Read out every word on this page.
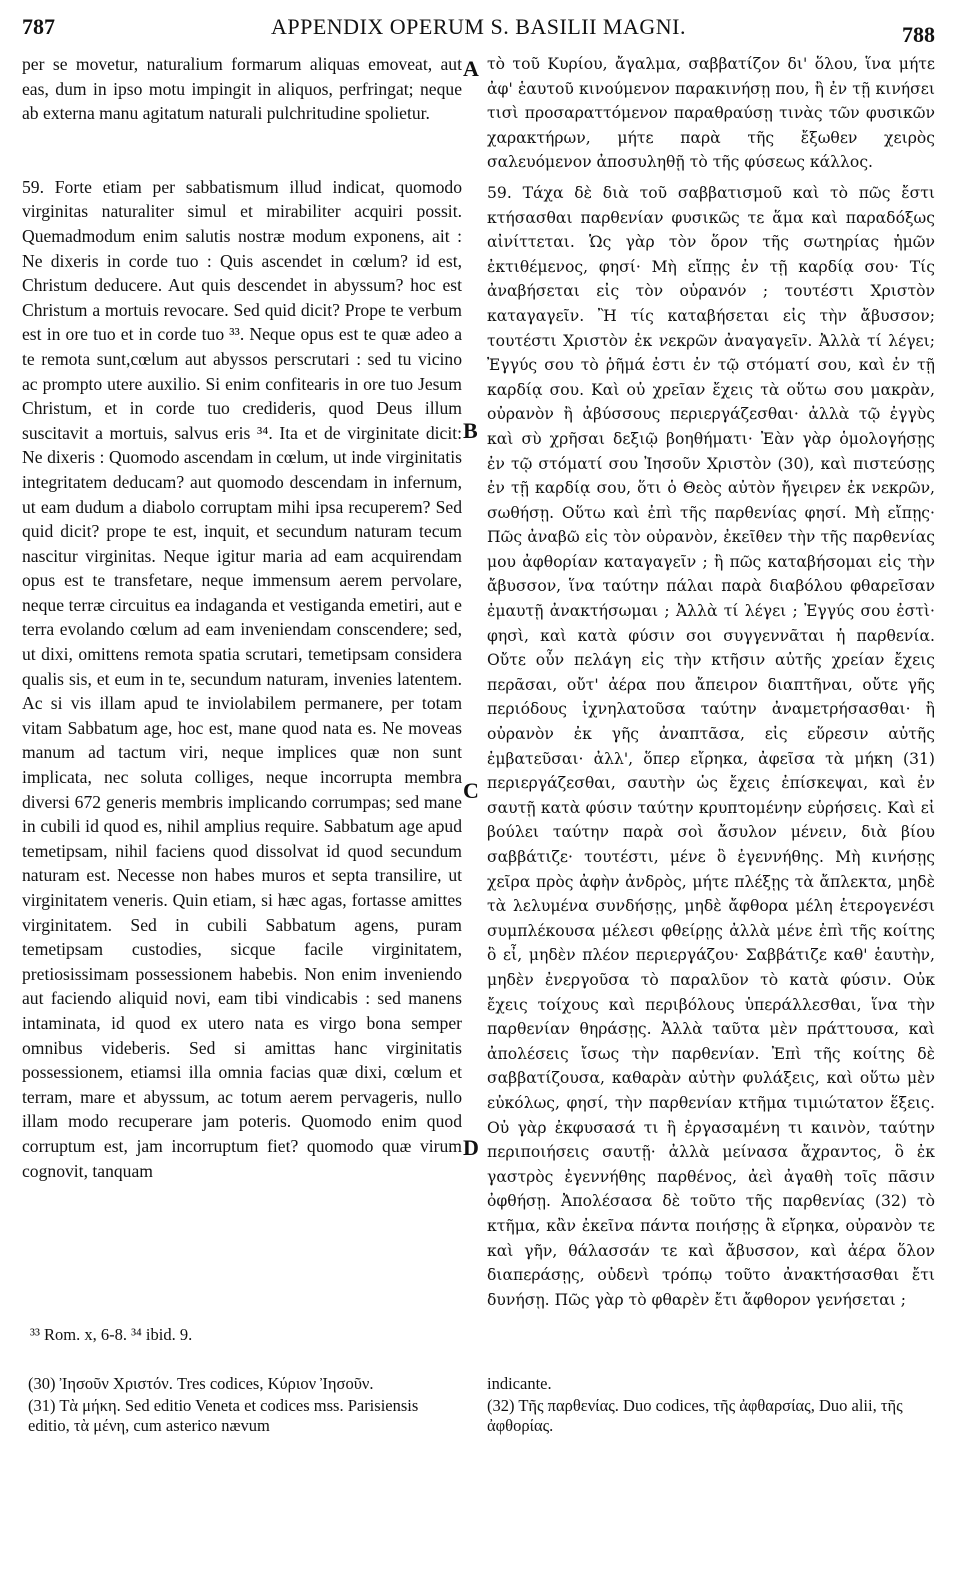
787	APPENDIX OPERUM S. BASILII MAGNI.	788

per se movetur, naturalium formarum aliquas emoveat, aut eas, dum in ipso motu impingit in aliquos, perfringat; neque ab externa manu agitatum naturali pulchritudine spolietur.

59. Forte etiam per sabbatismum illud indicat, quomodo virginitas naturaliter simul et mirabiliter acquiri possit. Quemadmodum enim salutis nostræ modum exponens, ait : Ne dixeris in corde tuo : Quis ascendet in cœlum? id est, Christum deducere. Aut quis descendet in abyssum? hoc est Christum a mortuis revocare. Sed quid dicit? Prope te verbum est in ore tuo et in corde tuo ³³. Neque opus est te quæ adeo a te remota sunt,cœlum aut abyssos perscrutari : sed tu vicino ac prompto utere auxilio. Si enim confitearis in ore tuo Jesum Christum, et in corde tuo credideris, quod Deus illum suscitavit a mortuis, salvus eris ³⁴. Ita et de virginitate dicit: Ne dixeris : Quomodo ascendam in cœlum, ut inde virginitatis integritatem deducam? aut quomodo descendam in infernum, ut eam dudum a diabolo corruptam mihi ipsa recuperem? Sed quid dicit? prope te est, inquit, et secundum naturam tecum nascitur virginitas. Neque igitur maria ad eam acquirendam opus est te transfetare, neque immensum aerem pervolare, neque terræ circuitus ea indaganda et vestiganda emetiri, aut e terra evolando cœlum ad eam inveniendam conscendere; sed, ut dixi, omittens remota spatia scrutari, temetipsam considera qualis sis, et eum in te, secundum naturam, invenies latentem. Ac si vis illam apud te inviolabilem permanere, per totam vitam Sabbatum age, hoc est, mane quod nata es. Ne moveas manum ad tactum viri, neque implices quæ non sunt implicata, nec soluta colliges, neque incorrupta membra diversi 672 generis membris implicando corrumpas; sed mane in cubili id quod es, nihil amplius require. Sabbatum age apud temetipsam, nihil faciens quod dissolvat id quod secundum naturam est. Necesse non habes muros et septa transilire, ut virginitatem veneris. Quin etiam, si hæc agas, fortasse amittes virginitatem. Sed in cubili Sabbatum agens, puram temetipsam custodies, sicque facile virginitatem, pretiosissimam possessionem habebis. Non enim inveniendo aut faciendo aliquid novi, eam tibi vindicabis : sed manens intaminata, id quod ex utero nata es virgo bona semper omnibus videberis. Sed si amittas hanc virginitatis possessionem, etiamsi illa omnia facias quæ dixi, cœlum et terram, mare et abyssum, ac totum aerem pervageris, nullo illam modo recuperare jam poteris. Quomodo enim quod corruptum est, jam incorruptum fiet? quomodo quæ virum cognovit, tanquam

τὸ τοῦ Κυρίου, ἄγαλμα, σαββατίζον δι' ὅλου, ἵνα μήτε ἀφ' ἑαυτοῦ κινούμενον παρακινήσῃ που, ἢ ἐν τῇ κινήσει τισὶ προσαραττόμενον παραθραύσῃ τινὰς τῶν φυσικῶν χαρακτήρων, μήτε παρὰ τῆς ἔξωθεν χειρὸς σαλευόμενον ἀποσυληθῇ τὸ τῆς φύσεως κάλλος.

59. Τάχα δὲ διὰ τοῦ σαββατισμοῦ καὶ τὸ πῶς ἔστι κτήσασθαι παρθενίαν φυσικῶς τε ἅμα καὶ παραδόξως αἰνίττεται. Ὡς γὰρ τὸν ὅρον τῆς σωτηρίας ἡμῶν ἐκτιθέμενος, φησί· Μὴ εἴπῃς ἐν τῇ καρδίᾳ σου· Τίς ἀναβήσεται εἰς τὸν οὐρανόν ; τουτέστι Χριστὸν καταγαγεῖν. Ἢ τίς καταβήσεται εἰς τὴν ἄβυσσον; τουτέστι Χριστὸν ἐκ νεκρῶν ἀναγαγεῖν. Ἀλλὰ τί λέγει; Ἐγγύς σου τὸ ῥῆμά ἐστι ἐν τῷ στόματί σου, καὶ ἐν τῇ καρδίᾳ σου. Καὶ οὐ χρεῖαν ἔχεις τὰ οὕτω σου μακρὰν, οὐρανὸν ἢ ἀβύσσους περιεργάζεσθαι· ἀλλὰ τῷ ἐγγὺς καὶ σὺ χρῆσαι δεξιῷ βοηθήματι· Ἐὰν γὰρ ὁμολογήσῃς ἐν τῷ στόματί σου Ἰησοῦν Χριστὸν (30), καὶ πιστεύσῃς ἐν τῇ καρδίᾳ σου, ὅτι ὁ Θεὸς αὐτὸν ἤγειρεν ἐκ νεκρῶν, σωθήσῃ. Οὕτω καὶ ἐπὶ τῆς παρθενίας φησί. Μὴ εἴπῃς· Πῶς ἀναβῶ εἰς τὸν οὐρανὸν, ἐκεῖθεν τὴν τῆς παρθενίας μου ἀφθορίαν καταγαγεῖν ; ἢ πῶς καταβήσομαι εἰς τὴν ἄβυσσον, ἵνα ταύτην πάλαι παρὰ διαβόλου φθαρεῖσαν ἐμαυτῇ ἀνακτήσωμαι ; Ἀλλὰ τί λέγει ; Ἐγγύς σου ἐστὶ· φησὶ, καὶ κατὰ φύσιν σοι συγγεννᾶται ἡ παρθενία. Οὔτε οὖν πελάγη εἰς τὴν κτῆσιν αὐτῆς χρείαν ἔχεις περᾶσαι, οὔτ' ἀέρα που ἄπειρον διαπτῆναι, οὔτε γῆς περιόδους ἰχνηλατοῦσα ταύτην ἀναμετρήσασθαι· ἢ οὐρανὸν ἐκ γῆς ἀναπτᾶσα, εἰς εὕρεσιν αὐτῆς ἐμβατεῦσαι· ἀλλ', ὅπερ εἴρηκα, ἀφεῖσα τὰ μήκη (31) περιεργάζεσθαι, σαυτὴν ὡς ἔχεις ἐπίσκεψαι, καὶ ἐν σαυτῇ κατὰ φύσιν ταύτην κρυπτομένην εὑρήσεις. Καὶ εἰ βούλει ταύτην παρὰ σοὶ ἄσυλον μένειν, διὰ βίου σαββάτιζε· τουτέστι, μένε ὃ ἐγεννήθης. Μὴ κινήσῃς χεῖρα πρὸς ἀφὴν ἀνδρὸς, μήτε πλέξῃς τὰ ἄπλεκτα, μηδὲ τὰ λελυμένα συνδήσῃς, μηδὲ ἄφθορα μέλη ἑτερογενέσι συμπλέκουσα μέλεσι φθείρῃς ἀλλὰ μένε ἐπὶ τῆς κοίτης ὃ εἶ, μηδὲν πλέον περιεργάζου· Σαββάτιζε καθ' ἑαυτὴν, μηδὲν ἐνεργοῦσα τὸ παραλῦον τὸ κατὰ φύσιν. Οὐκ ἔχεις τοίχους καὶ περιβόλους ὑπεράλλεσθαι, ἵνα τὴν παρθενίαν θηράσῃς. Ἀλλὰ ταῦτα μὲν πράττουσα, καὶ ἀπολέσεις ἴσως τὴν παρθενίαν. Ἐπὶ τῆς κοίτης δὲ σαββατίζουσα, καθαρὰν αὐτὴν φυλάξεις, καὶ οὕτω μὲν εὐκόλως, φησί, τὴν παρθενίαν κτῆμα τιμιώτατον ἕξεις. Οὐ γὰρ ἐκφυσασά τι ἢ ἐργασαμένη τι καινὸν, ταύτην περιποιήσεις σαυτῇ· ἀλλὰ μείνασα ἄχραντος, ὃ ἐκ γαστρὸς ἐγεννήθης παρθένος, ἀεὶ ἀγαθὴ τοῖς πᾶσιν ὀφθήσῃ. Ἀπολέσασα δὲ τοῦτο τῆς παρθενίας (32) τὸ κτῆμα, κἂν ἐκεῖνα πάντα ποιήσῃς ἃ εἴρηκα, οὐρανὸν τε καὶ γῆν, θάλασσάν τε καὶ ἄβυσσον, καὶ ἀέρα ὅλον διαπεράσῃς, οὐδενὶ τρόπῳ τοῦτο ἀνακτήσασθαι ἔτι δυνήσῃ. Πῶς γὰρ τὸ φθαρὲν ἔτι ἄφθορον γενήσεται ;

A
B
C
D
³³ Rom. x, 6-8. ³⁴ ibid. 9.

(30) Ἰησοῦν Χριστόν. Tres codices, Κύριον Ἰησοῦν.

(31) Τὰ μήκη. Sed editio Veneta et codices mss. Parisiensis editio, τὰ μένη, cum asterico nævum

indicante.

(32) Τῆς παρθενίας. Duo codices, τῆς ἀφθαρσίας, Duo alii, τῆς ἀφθορίας.
